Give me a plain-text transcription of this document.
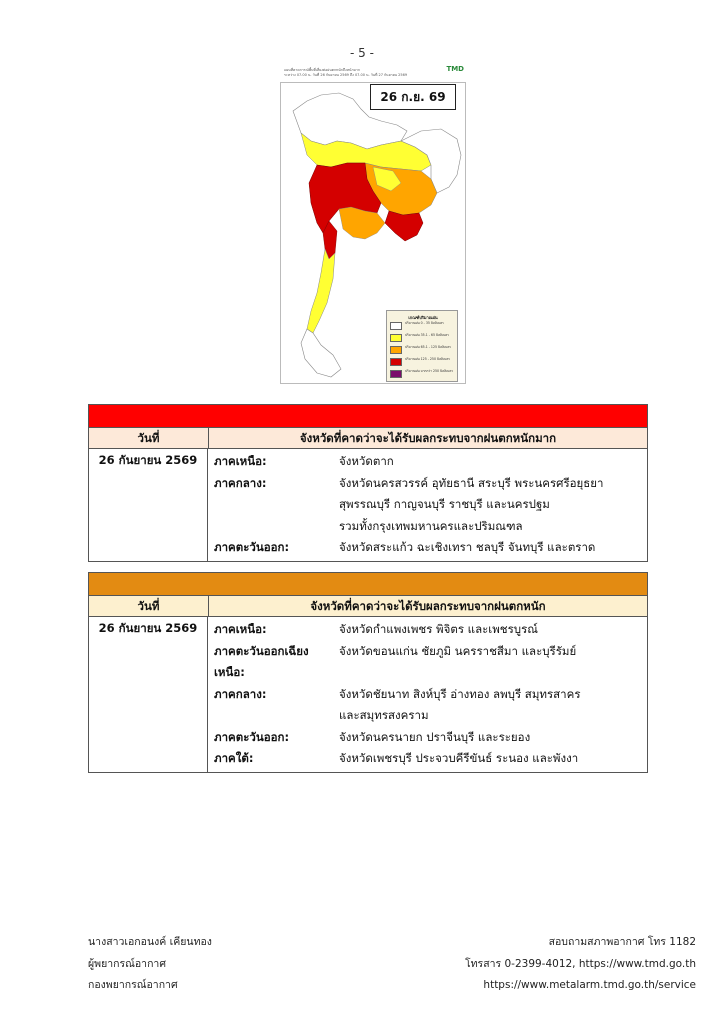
- 5 -
แผนที่คาดการณ์พื้นที่เสี่ยงต่อฝนตกหนักถึงหนักมาก
ระหว่าง 07.00 น. วันที่ 26 กันยายน 2569 ถึง 07.00 น. วันที่ 27 กันยายน 2569
TMD
26 ก.ย. 69
เกณฑ์ปริมาณฝน
ปริมาณฝน 0 - 35 มิลลิเมตร
ปริมาณฝน 35.1 - 65 มิลลิเมตร
ปริมาณฝน 65.1 - 125 มิลลิเมตร
ปริมาณฝน 125 - 250 มิลลิเมตร
ปริมาณฝน มากกว่า 250 มิลลิเมตร
วันที่	จังหวัดที่คาดว่าจะได้รับผลกระทบจากฝนตกหนักมาก
26 กันยายน 2569	ภาคเหนือ:	จังหวัดตาก
ภาคกลาง:	จังหวัดนครสวรรค์ อุทัยธานี สระบุรี พระนครศรีอยุธยา
สุพรรณบุรี กาญจนบุรี ราชบุรี และนครปฐม
รวมทั้งกรุงเทพมหานครและปริมณฑล
ภาคตะวันออก:	จังหวัดสระแก้ว ฉะเชิงเทรา ชลบุรี จันทบุรี และตราด
วันที่	จังหวัดที่คาดว่าจะได้รับผลกระทบจากฝนตกหนัก
26 กันยายน 2569	ภาคเหนือ:	จังหวัดกำแพงเพชร พิจิตร และเพชรบูรณ์
ภาคตะวันออกเฉียงเหนือ:
จังหวัดขอนแก่น ชัยภูมิ นครราชสีมา และบุรีรัมย์
ภาคกลาง:	จังหวัดชัยนาท สิงห์บุรี อ่างทอง ลพบุรี สมุทรสาคร
และสมุทรสงคราม
ภาคตะวันออก:	จังหวัดนครนายก ปราจีนบุรี และระยอง
ภาคใต้:	จังหวัดเพชรบุรี ประจวบคีรีขันธ์ ระนอง และพังงา
นางสาวเอกอนงค์ เคียนทอง
ผู้พยากรณ์อากาศ
กองพยากรณ์อากาศ
สอบถามสภาพอากาศ โทร 1182
โทรสาร 0-2399-4012, https://www.tmd.go.th
https://www.metalarm.tmd.go.th/service
